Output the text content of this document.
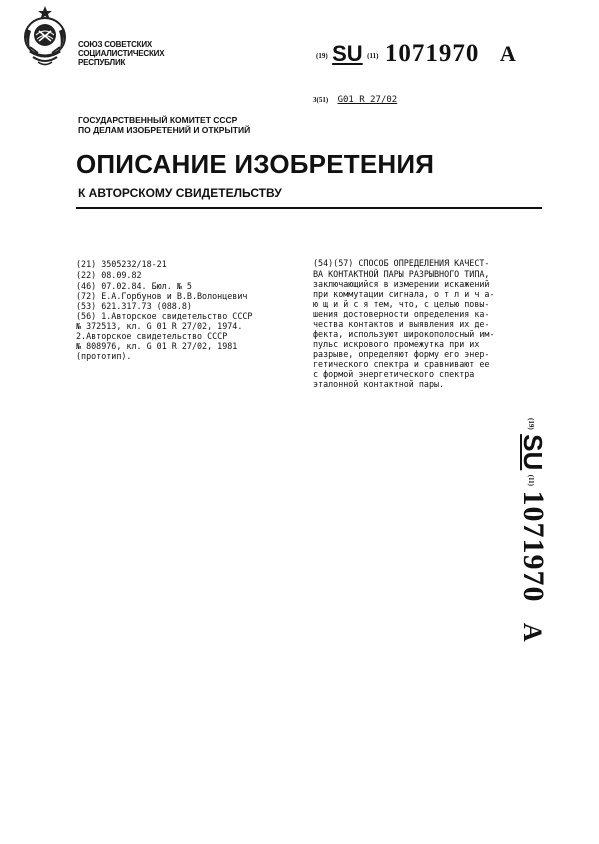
СОЮЗ СОВЕТСКИХ
СОЦИАЛИСТИЧЕСКИХ
РЕСПУБЛИК
(19) SU (11) 1071970 A
3(51) G01 R 27/02
ГОСУДАРСТВЕННЫЙ КОМИТЕТ СССР
ПО ДЕЛАМ ИЗОБРЕТЕНИЙ И ОТКРЫТИЙ
ОПИСАНИЕ ИЗОБРЕТЕНИЯ
К АВТОРСКОМУ СВИДЕТЕЛЬСТВУ
(21) 3505232/18-21
(22) 08.09.82
(46) 07.02.84. Бюл. № 5
(72) Е.А.Горбунов и В.В.Волонцевич
(53) 621.317.73 (088.8)
(56) 1.Авторское свидетельство СССР
№ 372513, кл. G 01 R 27/02, 1974.
2.Авторское свидетельство СССР
№ 808976, кл. G 01 R 27/02, 1981
(прототип).
(54)(57) СПОСОБ ОПРЕДЕЛЕНИЯ КАЧЕСТ-
ВА КОНТАКТНОЙ ПАРЫ РАЗРЫВНОГО ТИПА,
заключающийся в измерении искажений
при коммутации сигнала, о т л и ч а-
ю щ и й с я тем, что, с целью повы-
шения достоверности определения ка-
чества контактов и выявления их де-
фекта, используют широкополосный им-
пульс искрового промежутка при их
разрыве, определяют форму его энер-
гетического спектра и сравнивают ее
с формой энергетического спектра
эталонной контактной пары.
$^{(19)}$ SU $^{(11)}$ 1071970 A
